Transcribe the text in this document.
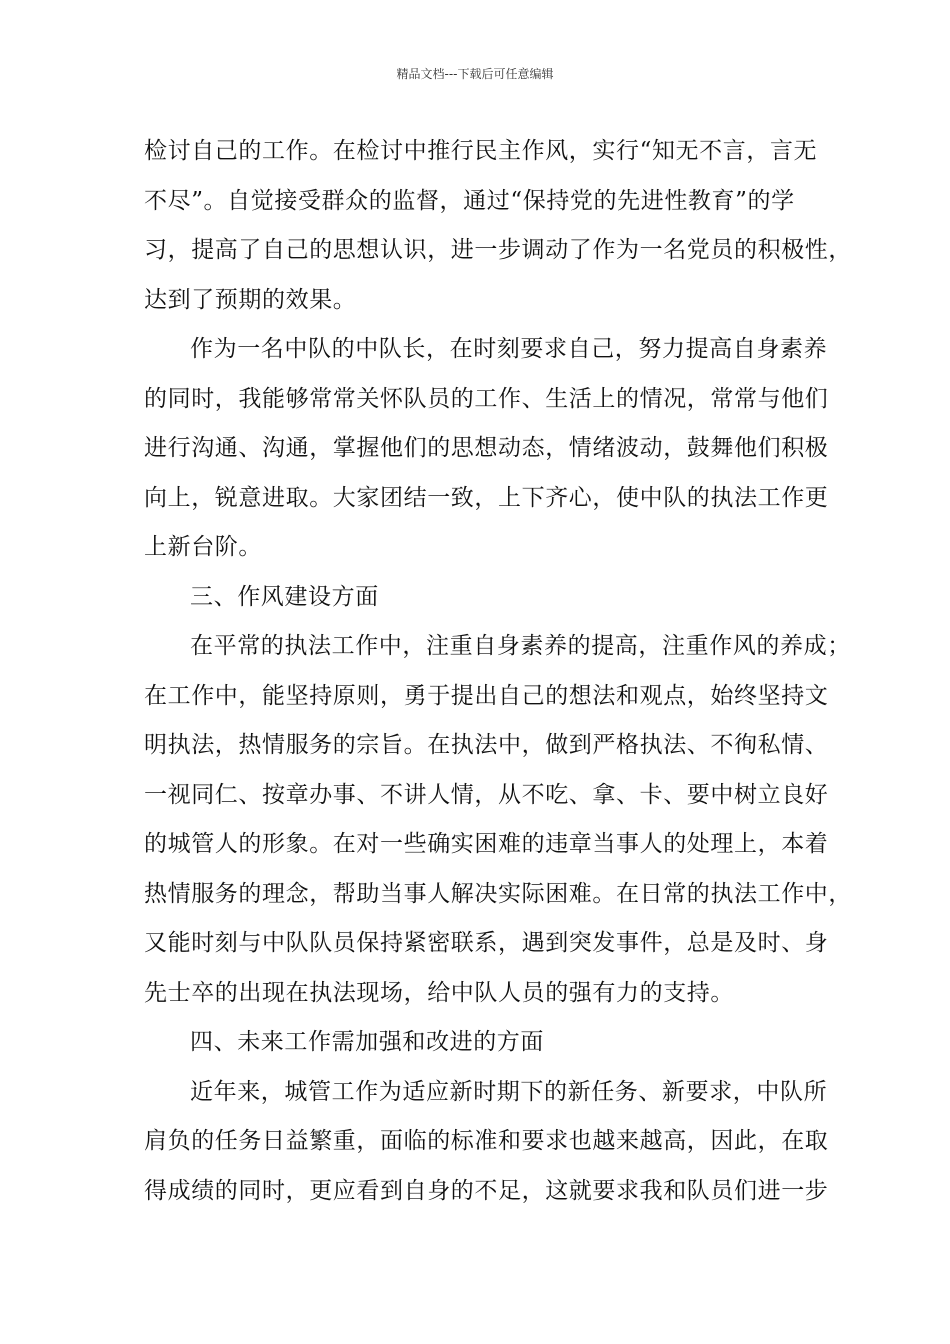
精品文档---下载后可任意编辑
检讨自己的工作。在检讨中推行民主作风，实行“知无不言，言无
不尽”。自觉接受群众的监督，通过“保持党的先进性教育”的学
习，提高了自己的思想认识，进一步调动了作为一名党员的积极性，
达到了预期的效果。
作为一名中队的中队长，在时刻要求自己，努力提高自身素养
的同时，我能够常常关怀队员的工作、生活上的情况，常常与他们
进行沟通、沟通，掌握他们的思想动态，情绪波动，鼓舞他们积极
向上，锐意进取。大家团结一致，上下齐心，使中队的执法工作更
上新台阶。
三、作风建设方面
在平常的执法工作中，注重自身素养的提高，注重作风的养成；
在工作中，能坚持原则，勇于提出自己的想法和观点，始终坚持文
明执法，热情服务的宗旨。在执法中，做到严格执法、不徇私情、
一视同仁、按章办事、不讲人情，从不吃、拿、卡、要中树立良好
的城管人的形象。在对一些确实困难的违章当事人的处理上，本着
热情服务的理念，帮助当事人解决实际困难。在日常的执法工作中，
又能时刻与中队队员保持紧密联系，遇到突发事件，总是及时、身
先士卒的出现在执法现场，给中队人员的强有力的支持。
四、未来工作需加强和改进的方面
近年来，城管工作为适应新时期下的新任务、新要求，中队所
肩负的任务日益繁重，面临的标准和要求也越来越高，因此，在取
得成绩的同时，更应看到自身的不足，这就要求我和队员们进一步
